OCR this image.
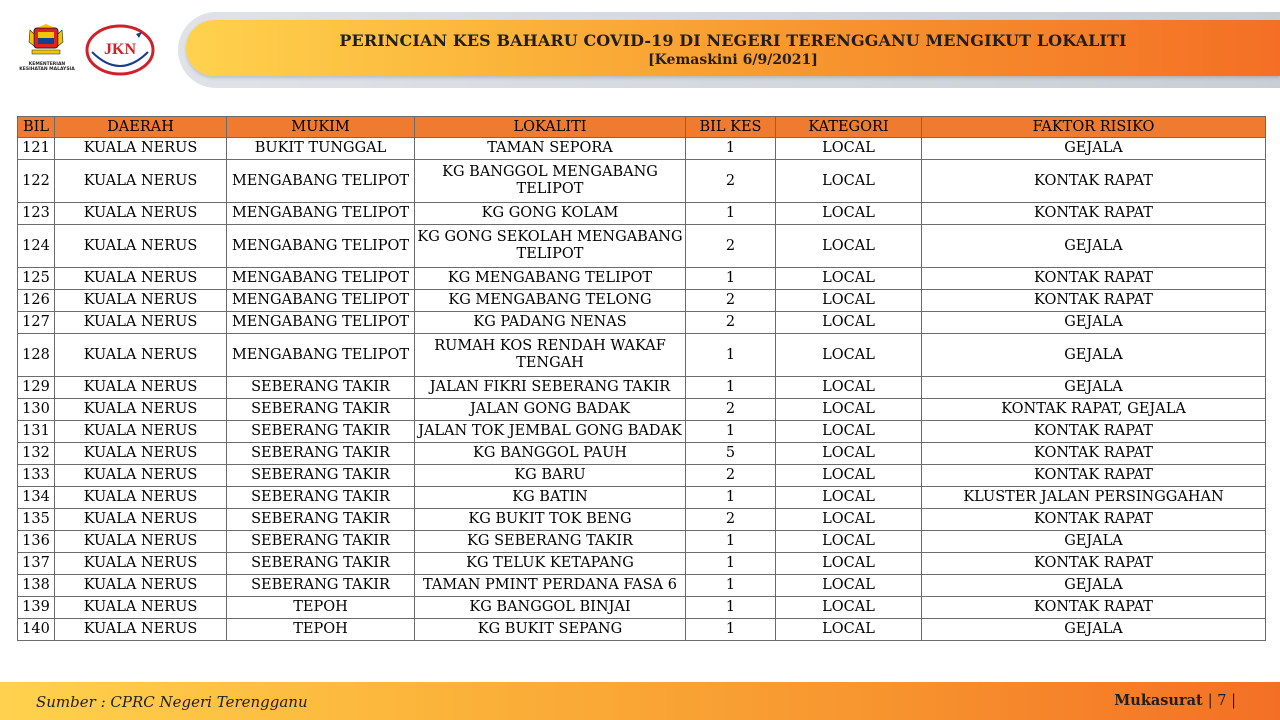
KEMENTERIAN KESIHATAN MALAYSIA
JKN	PERINCIAN KES BAHARU COVID-19 DI NEGERI TERENGGANU MENGIKUT LOKALITI
[Kemaskini 6/9/2021]
BIL	DAERAH	MUKIM	LOKALITI	BIL KES	KATEGORI	FAKTOR RISIKO
121	KUALA NERUS	BUKIT TUNGGAL	TAMAN SEPORA	1	LOCAL	GEJALA
122	KUALA NERUS	MENGABANG TELIPOT	KG BANGGOL MENGABANG TELIPOT	2	LOCAL	KONTAK RAPAT
123	KUALA NERUS	MENGABANG TELIPOT	KG GONG KOLAM	1	LOCAL	KONTAK RAPAT
124	KUALA NERUS	MENGABANG TELIPOT	KG GONG SEKOLAH MENGABANG TELIPOT	2	LOCAL	GEJALA
125	KUALA NERUS	MENGABANG TELIPOT	KG MENGABANG TELIPOT	1	LOCAL	KONTAK RAPAT
126	KUALA NERUS	MENGABANG TELIPOT	KG MENGABANG TELONG	2	LOCAL	KONTAK RAPAT
127	KUALA NERUS	MENGABANG TELIPOT	KG PADANG NENAS	2	LOCAL	GEJALA
128	KUALA NERUS	MENGABANG TELIPOT	RUMAH KOS RENDAH WAKAF TENGAH	1	LOCAL	GEJALA
129	KUALA NERUS	SEBERANG TAKIR	JALAN FIKRI SEBERANG TAKIR	1	LOCAL	GEJALA
130	KUALA NERUS	SEBERANG TAKIR	JALAN GONG BADAK	2	LOCAL	KONTAK RAPAT, GEJALA
131	KUALA NERUS	SEBERANG TAKIR	JALAN TOK JEMBAL GONG BADAK	1	LOCAL	KONTAK RAPAT
132	KUALA NERUS	SEBERANG TAKIR	KG BANGGOL PAUH	5	LOCAL	KONTAK RAPAT
133	KUALA NERUS	SEBERANG TAKIR	KG BARU	2	LOCAL	KONTAK RAPAT
134	KUALA NERUS	SEBERANG TAKIR	KG BATIN	1	LOCAL	KLUSTER JALAN PERSINGGAHAN
135	KUALA NERUS	SEBERANG TAKIR	KG BUKIT TOK BENG	2	LOCAL	KONTAK RAPAT
136	KUALA NERUS	SEBERANG TAKIR	KG SEBERANG TAKIR	1	LOCAL	GEJALA
137	KUALA NERUS	SEBERANG TAKIR	KG TELUK KETAPANG	1	LOCAL	KONTAK RAPAT
138	KUALA NERUS	SEBERANG TAKIR	TAMAN PMINT PERDANA FASA 6	1	LOCAL	GEJALA
139	KUALA NERUS	TEPOH	KG BANGGOL BINJAI	1	LOCAL	KONTAK RAPAT
140	KUALA NERUS	TEPOH	KG BUKIT SEPANG	1	LOCAL	GEJALA
Sumber : CPRC Negeri Terengganu	Mukasurat | 7 |
